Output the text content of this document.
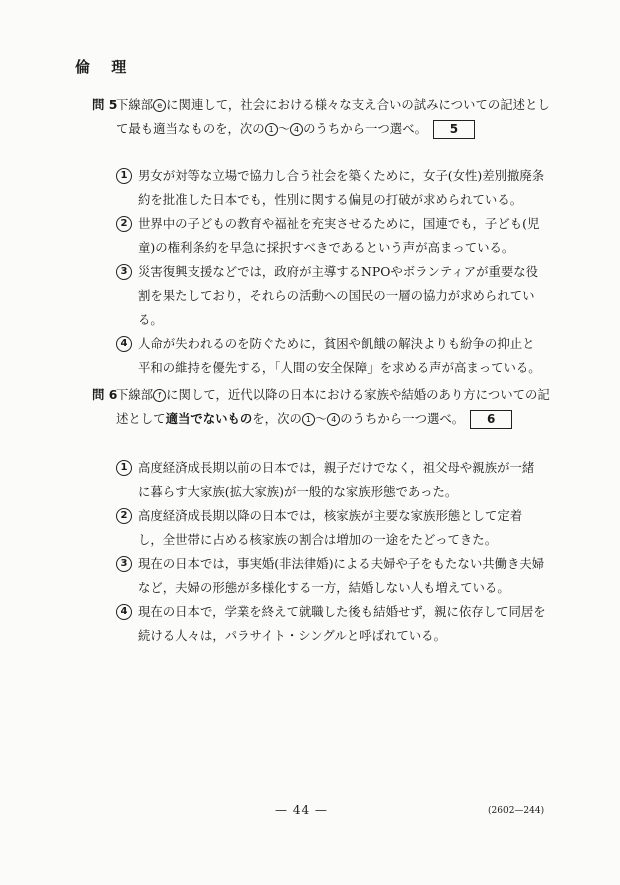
倫 理
問 5
下線部 e に関連して，社会における様々な支え合いの試みについての記述として最も適当なものを，次の 1 ～ 4 のうちから一つ選べ。 5
1 男女が対等な立場で協力し合う社会を築くために，女子(女性)差別撤廃条約を批准した日本でも，性別に関する偏見の打破が求められている。
2 世界中の子どもの教育や福祉を充実させるために，国連でも，子ども(児童)の権利条約を早急に採択すべきであるという声が高まっている。
3 災害復興支援などでは，政府が主導するNPOやボランティアが重要な役割を果たしており，それらの活動への国民の一層の協力が求められている。
4 人命が失われるのを防ぐために，貧困や飢餓の解決よりも紛争の抑止と平和の維持を優先する，「人間の安全保障」を求める声が高まっている。
問 6
下線部 f に関して，近代以降の日本における家族や結婚のあり方についての記述として適当でないものを，次の 1 ～ 4 のうちから一つ選べ。 6
1 高度経済成長期以前の日本では，親子だけでなく，祖父母や親族が一緒に暮らす大家族(拡大家族)が一般的な家族形態であった。
2 高度経済成長期以降の日本では，核家族が主要な家族形態として定着し，全世帯に占める核家族の割合は増加の一途をたどってきた。
3 現在の日本では，事実婚(非法律婚)による夫婦や子をもたない共働き夫婦など，夫婦の形態が多様化する一方，結婚しない人も増えている。
4 現在の日本で，学業を終えて就職した後も結婚せず，親に依存して同居を続ける人々は，パラサイト・シングルと呼ばれている。
— 44 —	(2602—244)
